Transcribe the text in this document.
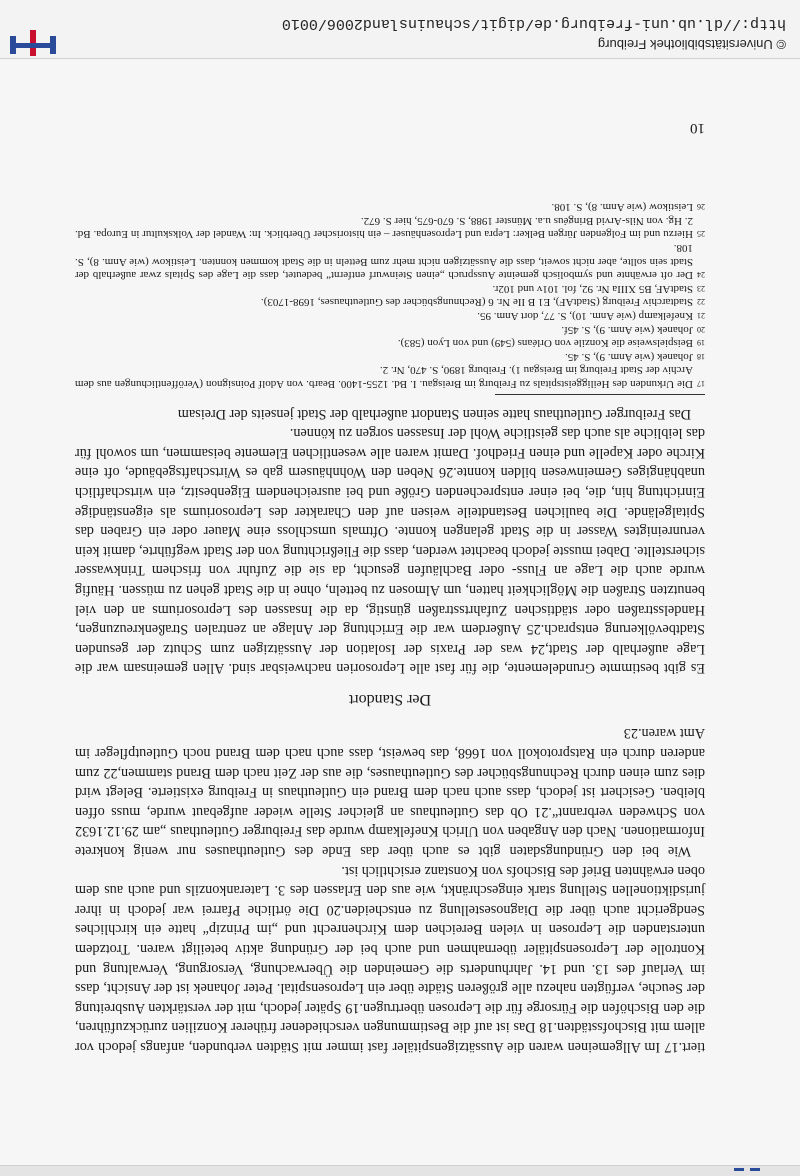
tiert.17 Im Allgemeinen waren die Aussätzigenspitäler fast immer mit Städten verbunden, anfangs jedoch vor allem mit Bischofsstädten.18 Das ist auf die Bestimmungen verschiedener früherer Konzilien zurückzuführen, die den Bischöfen die Fürsorge für die Leprosen übertrugen.19 Später jedoch, mit der verstärkten Ausbreitung der Seuche, verfügten nahezu alle größeren Städte über ein Leprosenspital. Peter Johanek ist der Ansicht, dass im Verlauf des 13. und 14. Jahrhunderts die Gemeinden die Überwachung, Versorgung, Verwaltung und Kontrolle der Leprosenspitäler übernahmen und auch bei der Gründung aktiv beteiligt waren. Trotzdem unterstanden die Leprosen in vielen Bereichen dem Kirchenrecht und „im Prinzip“ hatte ein kirchliches Sendgericht auch über die Diagnosestellung zu entscheiden.20 Die örtliche Pfarrei war jedoch in ihrer jurisdiktionellen Stellung stark eingeschränkt, wie aus den Erlassen des 3. Laterankonzils und auch aus dem oben erwähnten Brief des Bischofs von Konstanz ersichtlich ist.

Wie bei den Gründungsdaten gibt es auch über das Ende des Gutleuthauses nur wenig konkrete Informationen. Nach den Angaben von Ulrich Knefelkamp wurde das Freiburger Gutleuthaus „am 29.12.1632 von Schweden verbrannt“.21 Ob das Gutleuthaus an gleicher Stelle wieder aufgebaut wurde, muss offen bleiben. Gesichert ist jedoch, dass auch nach dem Brand ein Gutleuthaus in Freiburg existierte. Belegt wird dies zum einen durch Rechnungsbücher des Gutleuthauses, die aus der Zeit nach dem Brand stammen,22 zum anderen durch ein Ratsprotokoll von 1668, das beweist, dass auch nach dem Brand noch Gutleutpfleger im Amt waren.23

Der Standort

Es gibt bestimmte Grundelemente, die für fast alle Leprosorien nachweisbar sind. Allen gemeinsam war die Lage außerhalb der Stadt,24 was der Praxis der Isolation der Aussätzigen zum Schutz der gesunden Stadtbevölkerung entsprach.25 Außerdem war die Errichtung der Anlage an zentralen Straßenkreuzungen, Handelsstraßen oder städtischen Zufahrtsstraßen günstig, da die Insassen des Leprosoriums an den viel benutzten Straßen die Möglichkeit hatten, um Almosen zu betteln, ohne in die Stadt gehen zu müssen. Häufig wurde auch die Lage an Fluss- oder Bachläufen gesucht, da sie die Zufuhr von frischem Trinkwasser sicherstellte. Dabei musste jedoch beachtet werden, dass die Fließrichtung von der Stadt wegführte, damit kein verunreinigtes Wasser in die Stadt gelangen konnte. Oftmals umschloss eine Mauer oder ein Graben das Spitalgelände. Die baulichen Bestandteile weisen auf den Charakter des Leprosoriums als eigenständige Einrichtung hin, die, bei einer entsprechenden Größe und bei ausreichendem Eigenbesitz, ein wirtschaftlich unabhängiges Gemeinwesen bilden konnte.26 Neben den Wohnhäusern gab es Wirtschaftsgebäude, oft eine Kirche oder Kapelle und einen Friedhof. Damit waren alle wesentlichen Elemente beisammen, um sowohl für das leibliche als auch das geistliche Wohl der Insassen sorgen zu können.

Das Freiburger Gutleuthaus hatte seinen Standort außerhalb der Stadt jenseits der Dreisam

17Die Urkunden des Heiliggeistspitals zu Freiburg im Breisgau. I. Bd. 1255-1400. Bearb. von Adolf Poinsignon (Veröffentlichungen aus dem Archiv der Stadt Freiburg im Breisgau 1). Freiburg 1890, S. 470, Nr. 2.
18Johanek (wie Anm. 9), S. 45.
19Beispielsweise die Konzile von Orléans (549) und von Lyon (583).
20Johanek (wie Anm. 9), S. 45f.
21Knefelkamp (wie Anm. 10), S. 77, dort Anm. 95.
22Stadtarchiv Freiburg (StadtAF), E1 B IIe Nr. 6 (Rechnungsbücher des Gutleuthauses, 1698-1703).
23StadtAF, B5 XIIIa Nr. 92, fol. 101v und 102r.
24Der oft erwähnte und symbolisch gemeinte Ausspruch „einen Steinwurf entfernt“ bedeutet, dass die Lage des Spitals zwar außerhalb der Stadt sein sollte, aber nicht soweit, dass die Aussätzigen nicht mehr zum Betteln in die Stadt kommen konnten. Leistikow (wie Anm. 8), S. 108.
25Hierzu und im Folgenden Jürgen Belker: Lepra und Leprosenhäuser – ein historischer Überblick. In: Wandel der Volkskultur in Europa. Bd. 2. Hg. von Nils-Arvid Bringéus u.a. Münster 1988, S. 670-675, hier S. 672.
26Leistikow (wie Anm. 8), S. 108.
10
© Universitätsbibliothek Freiburg
http://dl.ub.uni-freiburg.de/digit/schauinsland2006/0010
